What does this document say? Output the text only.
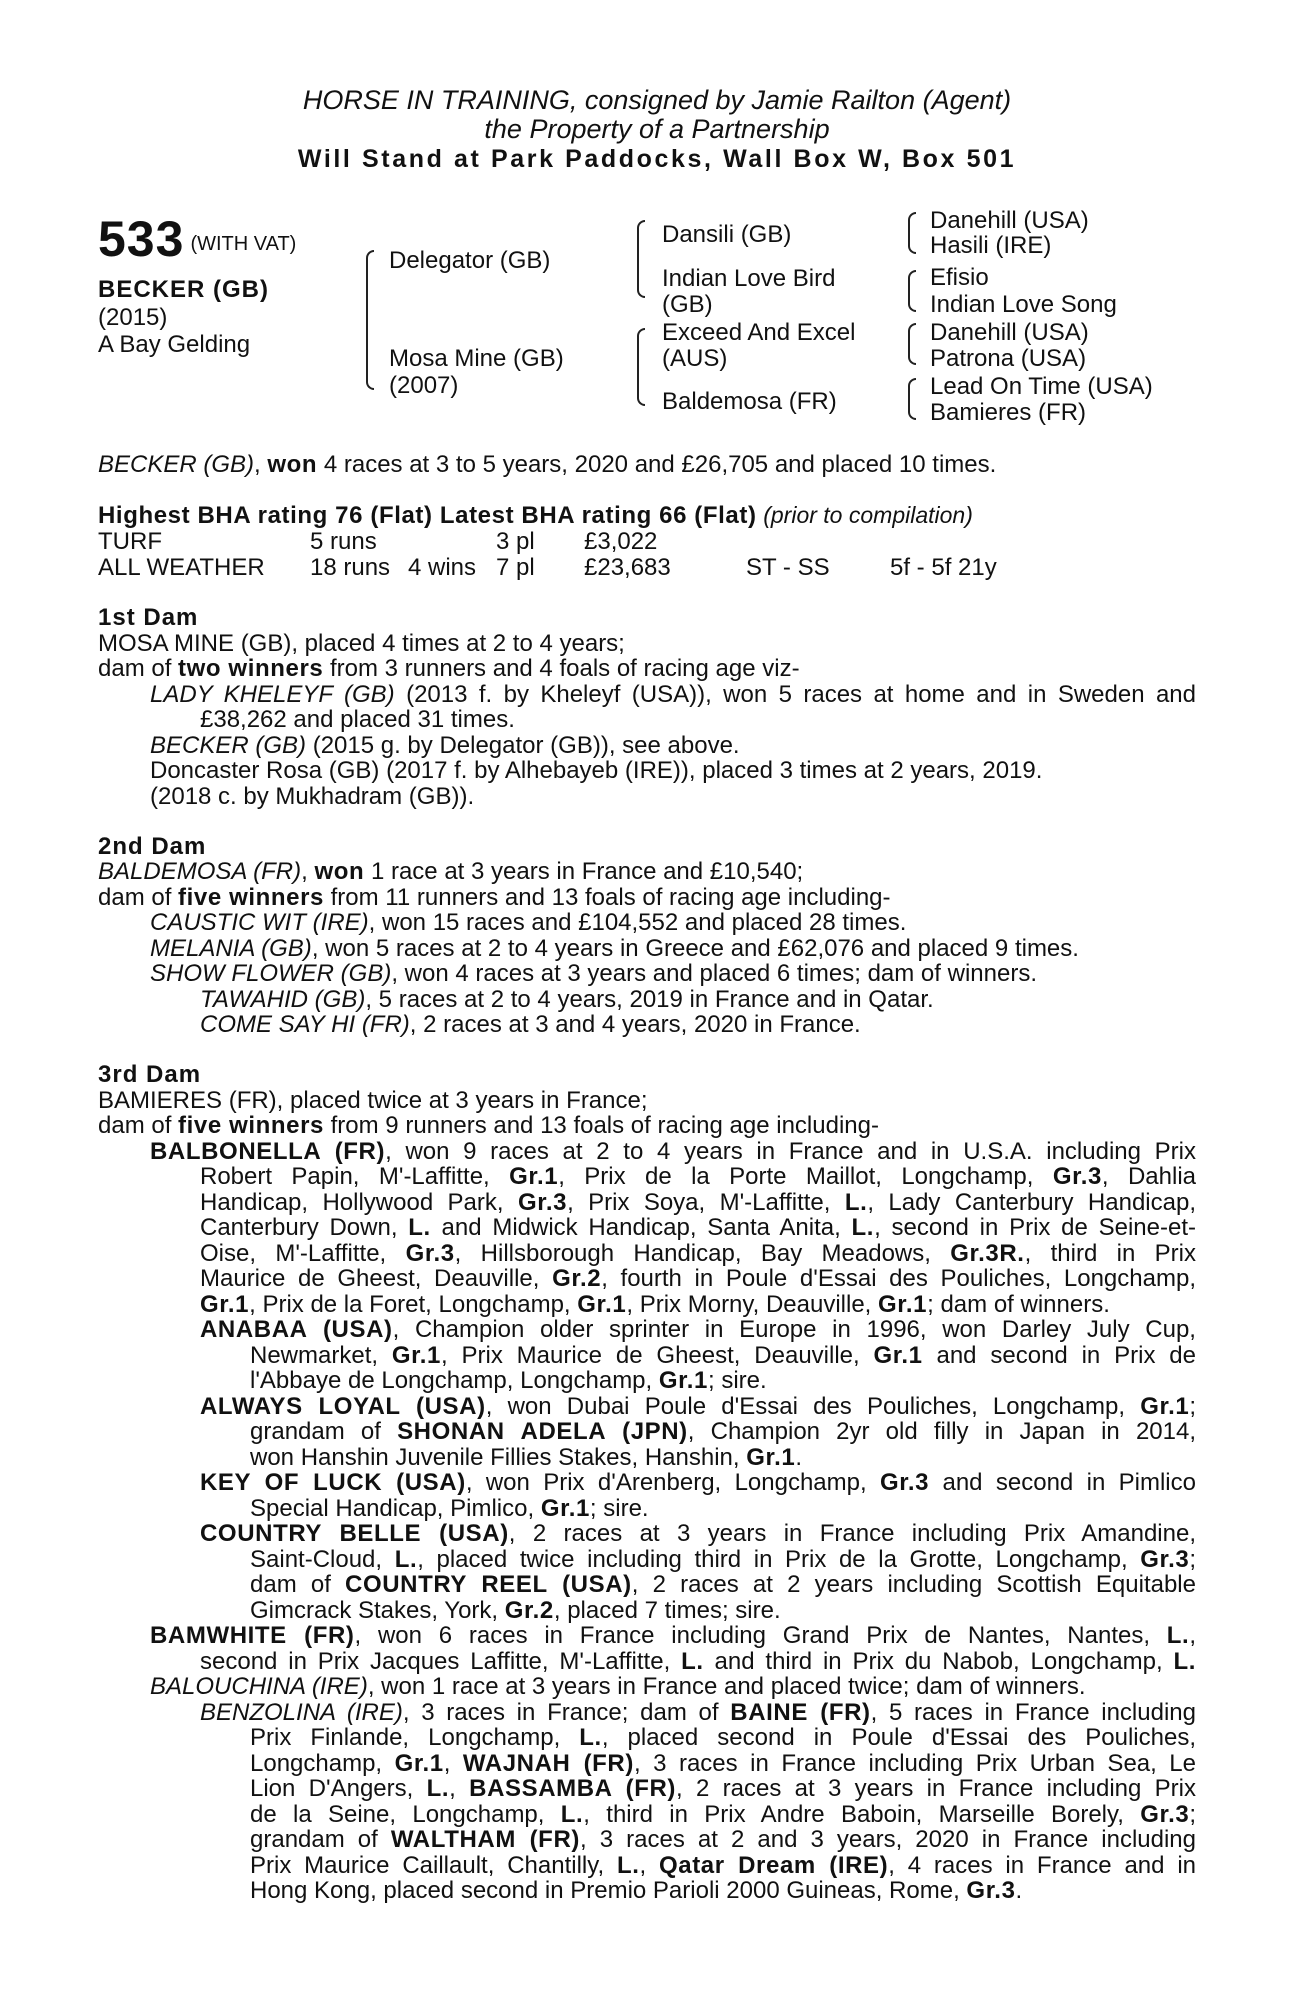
HORSE IN TRAINING, consigned by Jamie Railton (Agent)
the Property of a Partnership
Will Stand at Park Paddocks, Wall Box W, Box 501
533 (WITH VAT)
BECKER (GB)
(2015)
A Bay Gelding
Delegator (GB)
Mosa Mine (GB)
(2007)
Dansili (GB)
Indian Love Bird
(GB)
Exceed And Excel
(AUS)
Baldemosa (FR)
Danehill (USA)
Hasili (IRE)
Efisio
Indian Love Song
Danehill (USA)
Patrona (USA)
Lead On Time (USA)
Bamieres (FR)
BECKER (GB), won 4 races at 3 to 5 years, 2020 and £26,705 and placed 10 times.
Highest BHA rating 76 (Flat) Latest BHA rating 66 (Flat) (prior to compilation)
TURF	5 runs	3 pl £3,022
ALL WEATHER 18 runs 4 wins 7 pl £23,683	ST - SS	5f - 5f 21y
1st Dam
MOSA MINE (GB), placed 4 times at 2 to 4 years;
dam of two winners from 3 runners and 4 foals of racing age viz-
LADY KHELEYF (GB) (2013 f. by Kheleyf (USA)), won 5 races at home and in Sweden and
£38,262 and placed 31 times.
BECKER (GB) (2015 g. by Delegator (GB)), see above.
Doncaster Rosa (GB) (2017 f. by Alhebayeb (IRE)), placed 3 times at 2 years, 2019.
(2018 c. by Mukhadram (GB)).
2nd Dam
BALDEMOSA (FR), won 1 race at 3 years in France and £10,540;
dam of five winners from 11 runners and 13 foals of racing age including-
CAUSTIC WIT (IRE), won 15 races and £104,552 and placed 28 times.
MELANIA (GB), won 5 races at 2 to 4 years in Greece and £62,076 and placed 9 times.
SHOW FLOWER (GB), won 4 races at 3 years and placed 6 times; dam of winners.
TAWAHID (GB), 5 races at 2 to 4 years, 2019 in France and in Qatar.
COME SAY HI (FR), 2 races at 3 and 4 years, 2020 in France.
3rd Dam
BAMIERES (FR), placed twice at 3 years in France;
dam of five winners from 9 runners and 13 foals of racing age including-
BALBONELLA (FR), won 9 races at 2 to 4 years in France and in U.S.A. including Prix
Robert Papin, M'-Laffitte, Gr.1, Prix de la Porte Maillot, Longchamp, Gr.3, Dahlia
Handicap, Hollywood Park, Gr.3, Prix Soya, M'-Laffitte, L., Lady Canterbury Handicap,
Canterbury Down, L. and Midwick Handicap, Santa Anita, L., second in Prix de Seine-et-
Oise, M'-Laffitte, Gr.3, Hillsborough Handicap, Bay Meadows, Gr.3R., third in Prix
Maurice de Gheest, Deauville, Gr.2, fourth in Poule d'Essai des Pouliches, Longchamp,
Gr.1, Prix de la Foret, Longchamp, Gr.1, Prix Morny, Deauville, Gr.1; dam of winners.
ANABAA (USA), Champion older sprinter in Europe in 1996, won Darley July Cup,
Newmarket, Gr.1, Prix Maurice de Gheest, Deauville, Gr.1 and second in Prix de
l'Abbaye de Longchamp, Longchamp, Gr.1; sire.
ALWAYS LOYAL (USA), won Dubai Poule d'Essai des Pouliches, Longchamp, Gr.1;
grandam of SHONAN ADELA (JPN), Champion 2yr old filly in Japan in 2014,
won Hanshin Juvenile Fillies Stakes, Hanshin, Gr.1.
KEY OF LUCK (USA), won Prix d'Arenberg, Longchamp, Gr.3 and second in Pimlico
Special Handicap, Pimlico, Gr.1; sire.
COUNTRY BELLE (USA), 2 races at 3 years in France including Prix Amandine,
Saint-Cloud, L., placed twice including third in Prix de la Grotte, Longchamp, Gr.3;
dam of COUNTRY REEL (USA), 2 races at 2 years including Scottish Equitable
Gimcrack Stakes, York, Gr.2, placed 7 times; sire.
BAMWHITE (FR), won 6 races in France including Grand Prix de Nantes, Nantes, L.,
second in Prix Jacques Laffitte, M'-Laffitte, L. and third in Prix du Nabob, Longchamp, L.
BALOUCHINA (IRE), won 1 race at 3 years in France and placed twice; dam of winners.
BENZOLINA (IRE), 3 races in France; dam of BAINE (FR), 5 races in France including
Prix Finlande, Longchamp, L., placed second in Poule d'Essai des Pouliches,
Longchamp, Gr.1, WAJNAH (FR), 3 races in France including Prix Urban Sea, Le
Lion D'Angers, L., BASSAMBA (FR), 2 races at 3 years in France including Prix
de la Seine, Longchamp, L., third in Prix Andre Baboin, Marseille Borely, Gr.3;
grandam of WALTHAM (FR), 3 races at 2 and 3 years, 2020 in France including
Prix Maurice Caillault, Chantilly, L., Qatar Dream (IRE), 4 races in France and in
Hong Kong, placed second in Premio Parioli 2000 Guineas, Rome, Gr.3.
